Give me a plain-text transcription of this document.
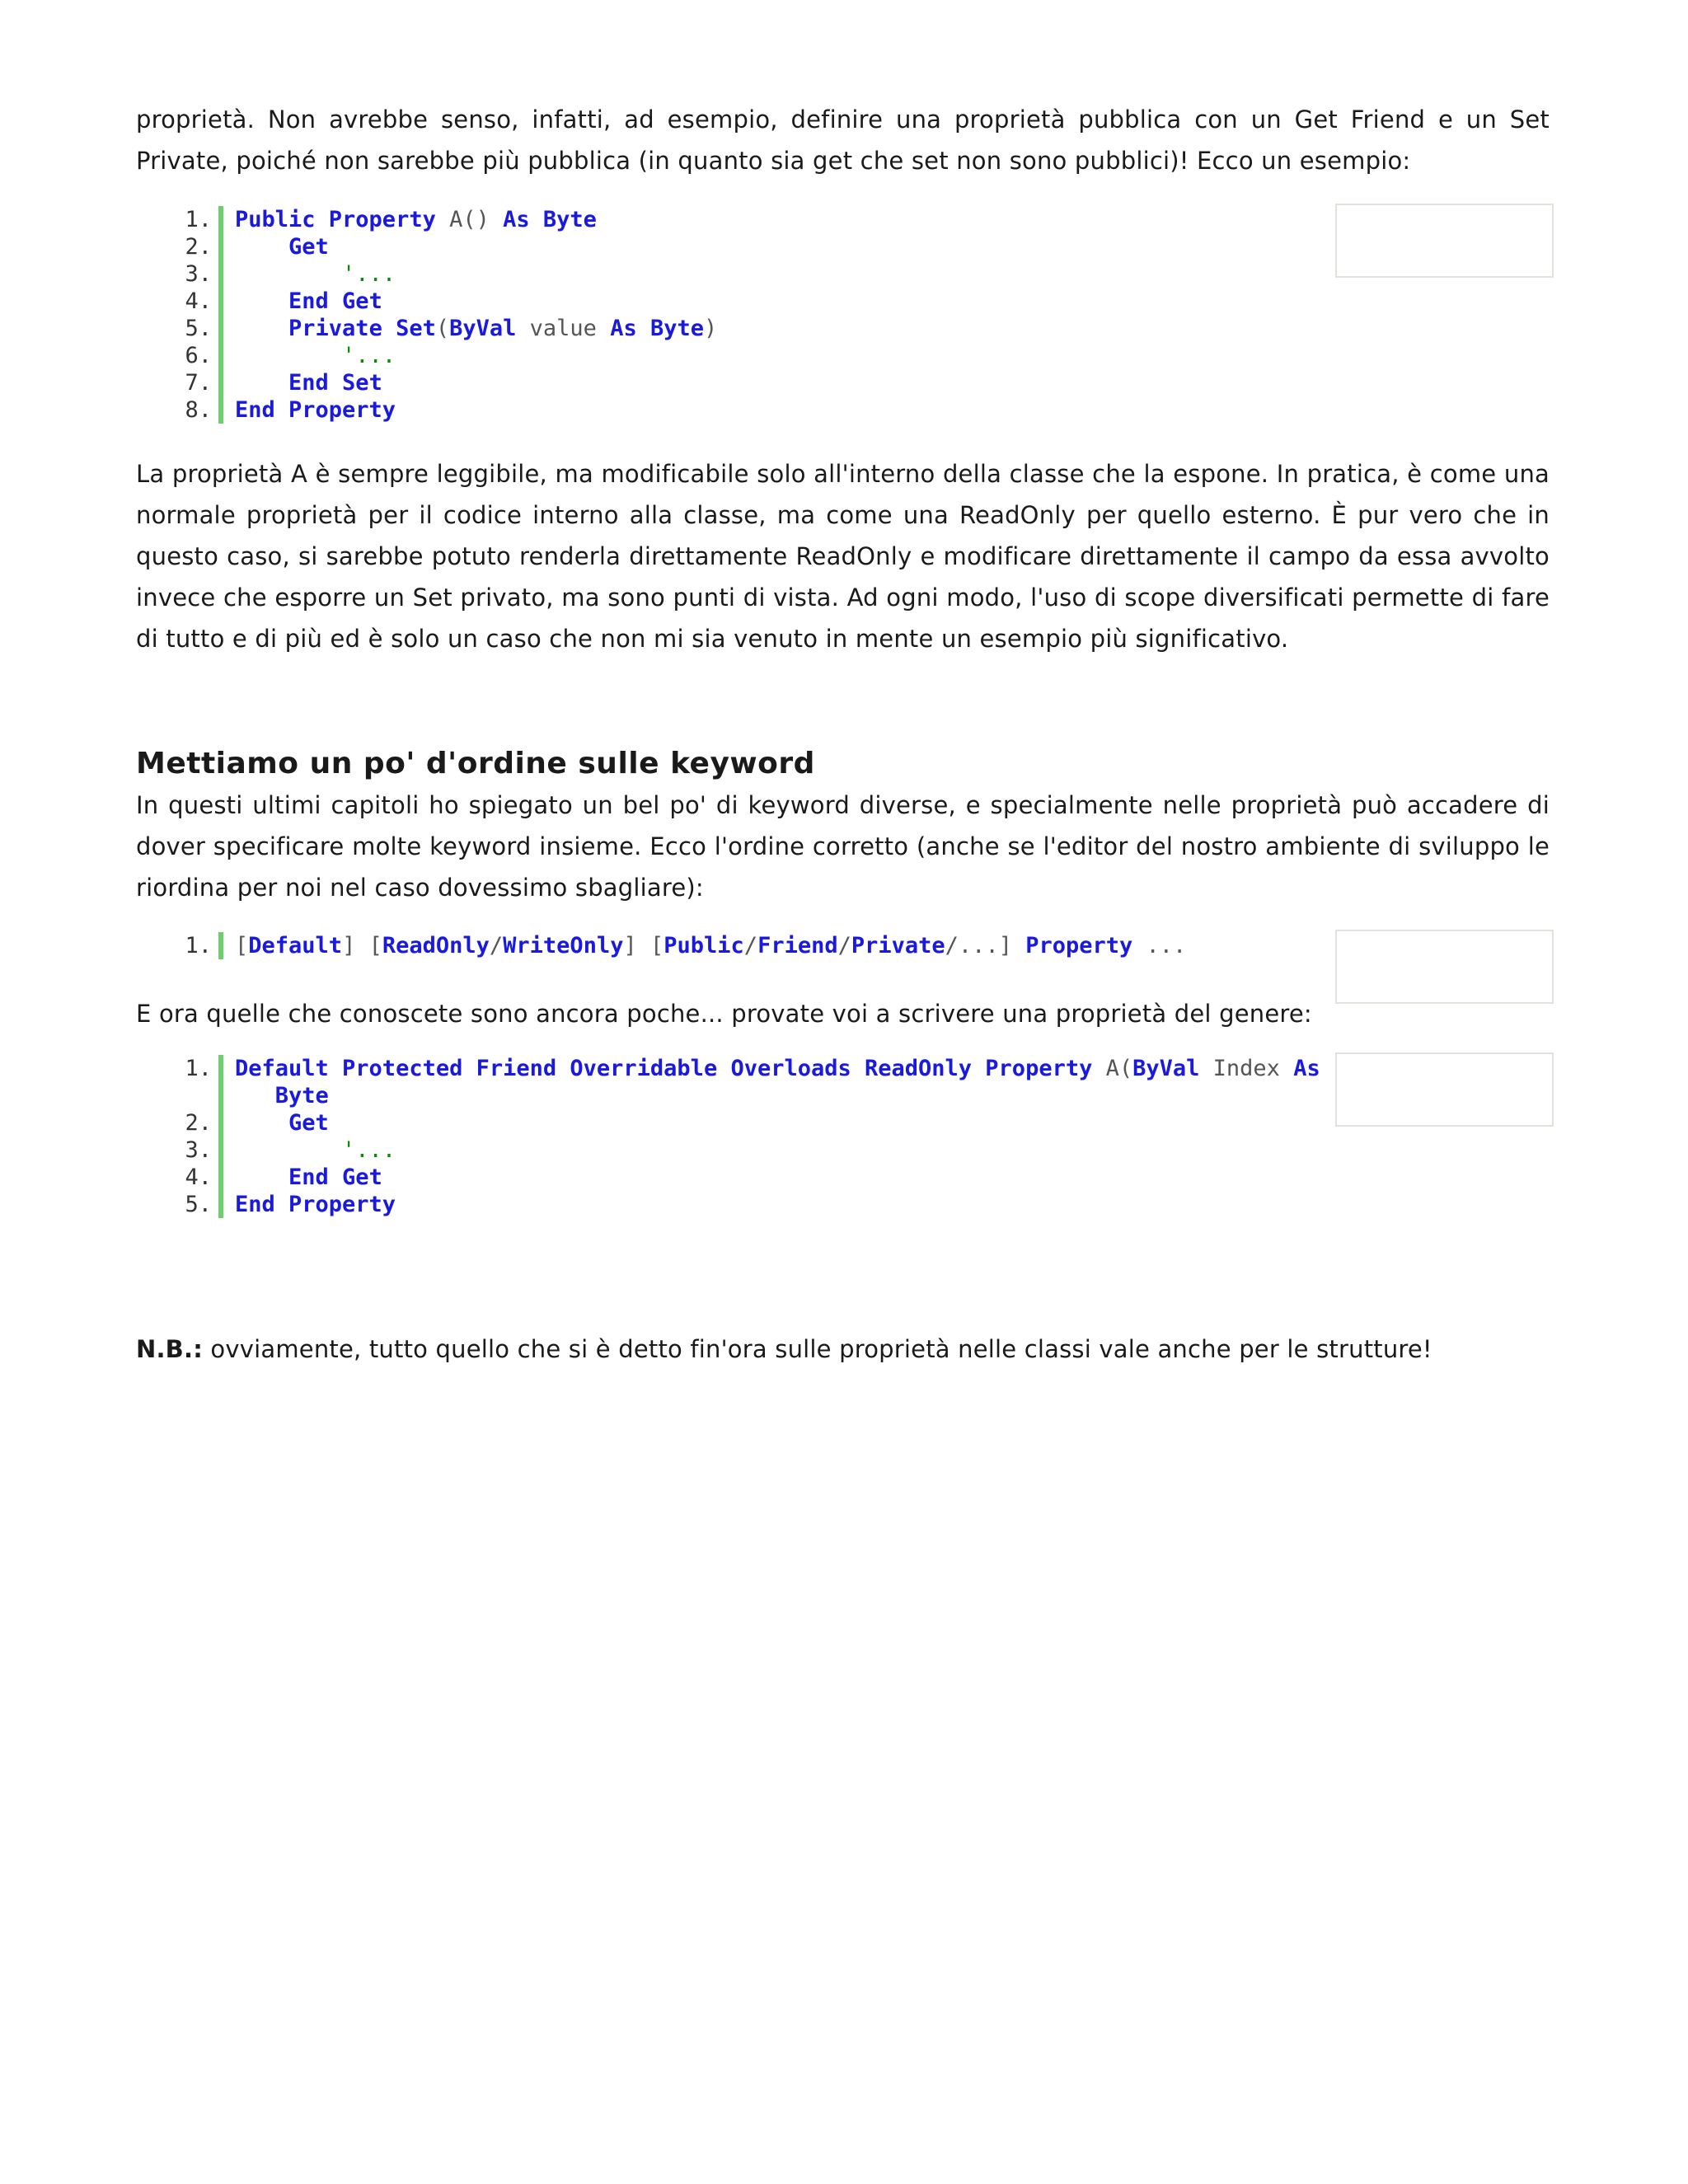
proprietà. Non avrebbe senso, infatti, ad esempio, definire una proprietà pubblica con un Get Friend e un Set Private, poiché non sarebbe più pubblica (in quanto sia get che set non sono pubblici)! Ecco un esempio:

1. Public Property A() As Byte
2.	Get
3.	'...
4.	End Get
5.	Private Set(ByVal value As Byte)
6.	'...
7.	End Set
8. End Property

La proprietà A è sempre leggibile, ma modificabile solo all'interno della classe che la espone. In pratica, è come una normale proprietà per il codice interno alla classe, ma come una ReadOnly per quello esterno. È pur vero che in questo caso, si sarebbe potuto renderla direttamente ReadOnly e modificare direttamente il campo da essa avvolto invece che esporre un Set privato, ma sono punti di vista. Ad ogni modo, l'uso di scope diversificati permette di fare di tutto e di più ed è solo un caso che non mi sia venuto in mente un esempio più significativo.

Mettiamo un po' d'ordine sulle keyword

In questi ultimi capitoli ho spiegato un bel po' di keyword diverse, e specialmente nelle proprietà può accadere di dover specificare molte keyword insieme. Ecco l'ordine corretto (anche se l'editor del nostro ambiente di sviluppo le riordina per noi nel caso dovessimo sbagliare):

1. [Default] [ReadOnly/WriteOnly] [Public/Friend/Private/...] Property ...

E ora quelle che conoscete sono ancora poche... provate voi a scrivere una proprietà del genere:

1. Default Protected Friend Overridable Overloads ReadOnly Property A(ByVal Index As
Byte
2.	Get
3.	'...
4.	End Get
5. End Property

N.B.: ovviamente, tutto quello che si è detto fin'ora sulle proprietà nelle classi vale anche per le strutture!
